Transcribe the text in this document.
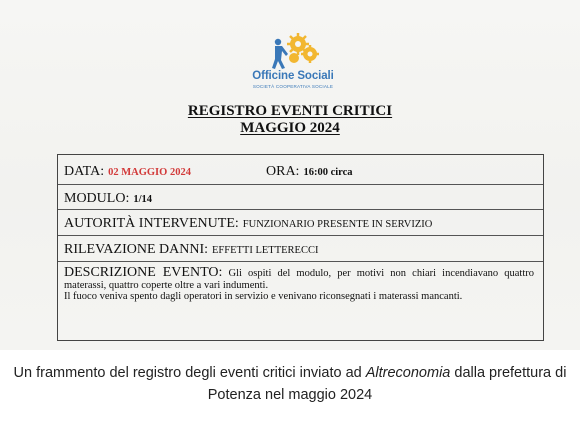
Officine Sociali
SOCIETÀ COOPERATIVA SOCIALE
REGISTRO EVENTI CRITICI
MAGGIO 2024
DATA: 02 MAGGIO 2024	ORA: 16:00 circa
MODULO: 1/14
AUTORITÀ INTERVENUTE: FUNZIONARIO PRESENTE IN SERVIZIO
RILEVAZIONE DANNI: EFFETTI LETTERECCI
DESCRIZIONE EVENTO: Gli ospiti del modulo, per motivi non chiari incendiavano quattro materassi, quattro coperte oltre a vari indumenti.
Il fuoco veniva spento dagli operatori in servizio e venivano riconsegnati i materassi mancanti.
Un frammento del registro degli eventi critici inviato ad Altreconomia dalla prefettura di Potenza nel maggio 2024
